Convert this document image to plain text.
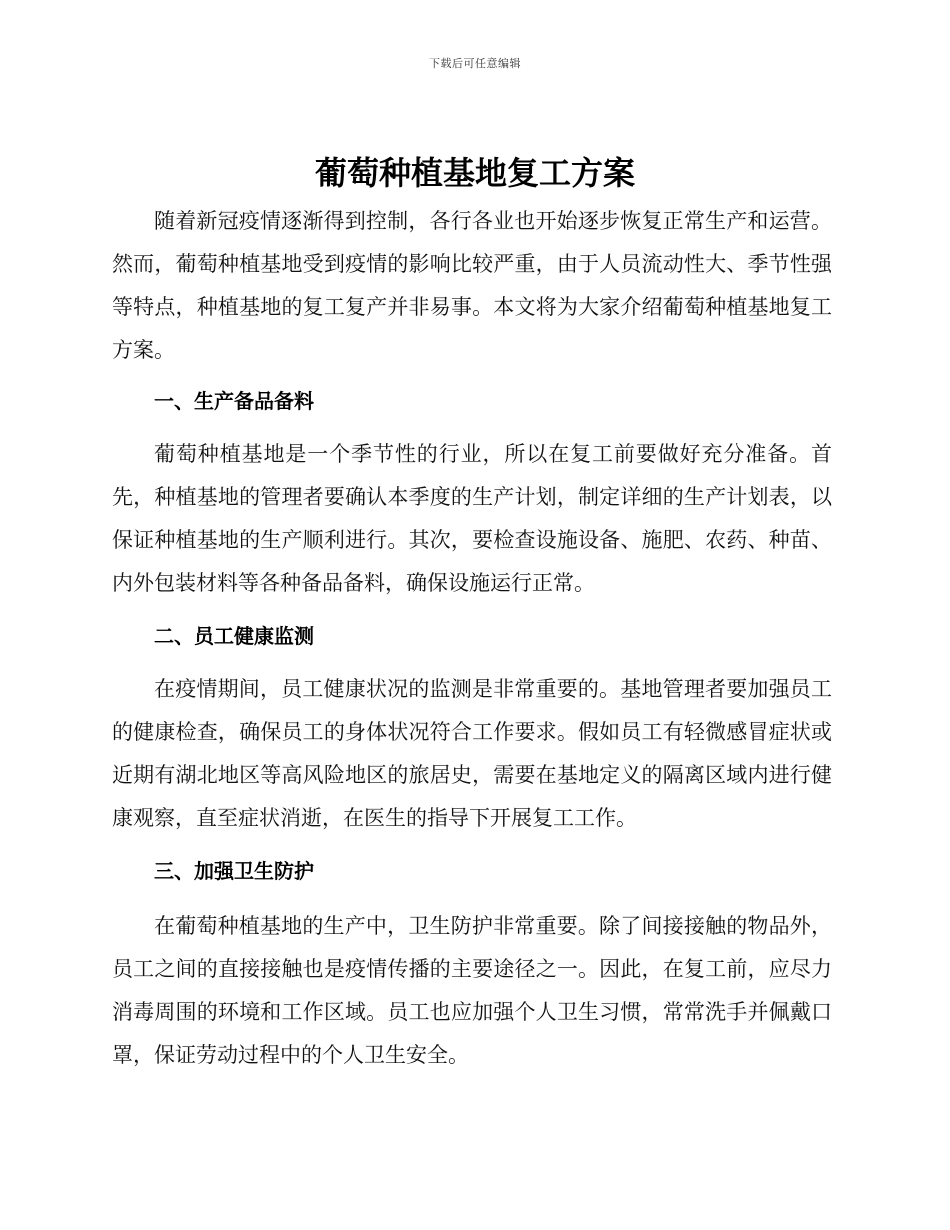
下载后可任意编辑
葡萄种植基地复工方案

随着新冠疫情逐渐得到控制，各行各业也开始逐步恢复正常生产和运营。然而，葡萄种植基地受到疫情的影响比较严重，由于人员流动性大、季节性强等特点，种植基地的复工复产并非易事。本文将为大家介绍葡萄种植基地复工方案。

一、生产备品备料

葡萄种植基地是一个季节性的行业，所以在复工前要做好充分准备。首先，种植基地的管理者要确认本季度的生产计划，制定详细的生产计划表，以保证种植基地的生产顺利进行。其次，要检查设施设备、施肥、农药、种苗、内外包装材料等各种备品备料，确保设施运行正常。

二、员工健康监测

在疫情期间，员工健康状况的监测是非常重要的。基地管理者要加强员工的健康检查，确保员工的身体状况符合工作要求。假如员工有轻微感冒症状或近期有湖北地区等高风险地区的旅居史，需要在基地定义的隔离区域内进行健康观察，直至症状消逝，在医生的指导下开展复工工作。

三、加强卫生防护

在葡萄种植基地的生产中，卫生防护非常重要。除了间接接触的物品外，员工之间的直接接触也是疫情传播的主要途径之一。因此，在复工前，应尽力消毒周围的环境和工作区域。员工也应加强个人卫生习惯，常常洗手并佩戴口罩，保证劳动过程中的个人卫生安全。
